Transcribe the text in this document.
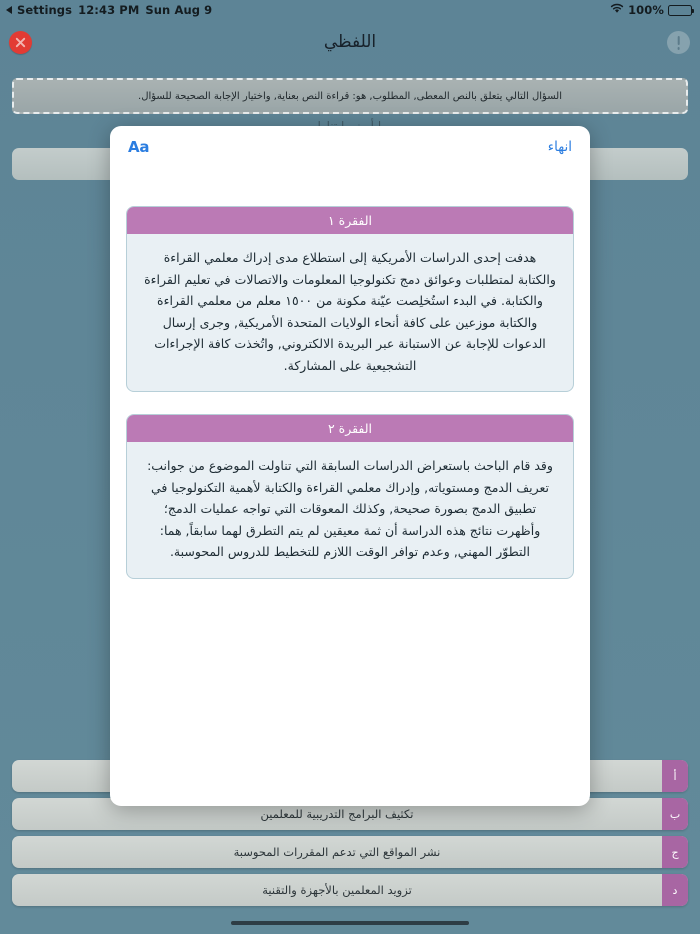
Settings 12:43 PM Sun Aug 9	100%
اللفظي
السؤال التالي يتعلق بالنص المعطى, المطلوب, هو: قراءة النص بعناية, واختيار الإجابة الصحيحة للسؤال.
أ
ب
تكثيف البرامج التدريبية للمعلمين
ج
نشر المواقع التي تدعم المقررات المحوسبة
د
تزويد المعلمين بالأجهزة والتقنية
Aa	انهاء
الفقرة ١
هدفت إحدى الدراسات الأمريكية إلى استطلاع مدى إدراك معلمي القراءة والكتابة لمتطلبات وعوائق دمج تكنولوجيا المعلومات والاتصالات في تعليم القراءة والكتابة. في البدء استُخلِصت عيّنة مكونة من ١٥٠٠ معلم من معلمي القراءة والكتابة موزعين على كافة أنحاء الولايات المتحدة الأمريكية, وجرى إرسال الدعوات للإجابة عن الاستبانة عبر البريدة الالكتروني, واتُخذت كافة الإجراءات التشجيعية على المشاركة.
الفقرة ٢
وقد قام الباحث باستعراض الدراسات السابقة التي تناولت الموضوع من جوانب: تعريف الدمج ومستوياته, وإدراك معلمي القراءة والكتابة لأهمية التكنولوجيا في تطبيق الدمج بصورة صحيحة, وكذلك المعوقات التي تواجه عمليات الدمج؛ وأظهرت نتائج هذه الدراسة أن ثمة معيقين لم يتم التطرق لهما سابقاً, هما: التطوّر المهني, وعدم توافر الوقت اللازم للتخطيط للدروس المحوسبة.
